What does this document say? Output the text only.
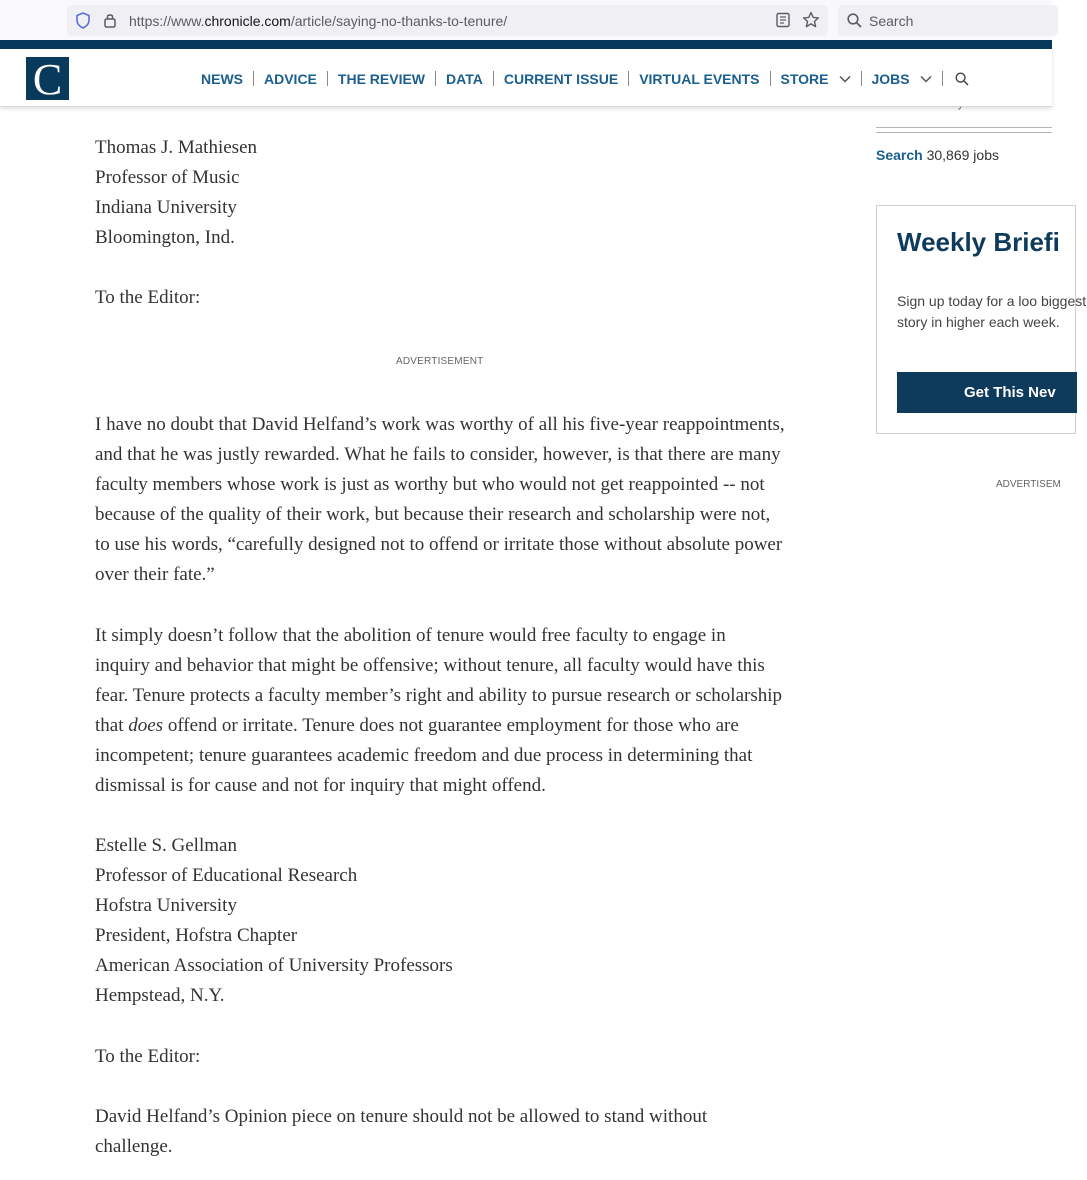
https://www.chronicle.com/article/saying-no-thanks-to-tenure/	Search
C	NEWS ADVICE THE REVIEW DATA CURRENT ISSUE VIRTUAL EVENTS STORE	JOBS
Thomas J. Mathiesen
Professor of Music
Indiana University
Bloomington, Ind.
To the Editor:
ADVERTISEMENT

I have no doubt that David Helfand’s work was worthy of all his five-year reappointments, and that he was justly rewarded. What he fails to consider, however, is that there are many faculty members whose work is just as worthy but who would not get reappointed -- not because of the quality of their work, but because their research and scholarship were not, to use his words, “carefully designed not to offend or irritate those without absolute power over their fate.”

It simply doesn’t follow that the abolition of tenure would free faculty to engage in inquiry and behavior that might be offensive; without tenure, all faculty would have this fear. Tenure protects a faculty member’s right and ability to pursue research or scholarship that does offend or irritate. Tenure does not guarantee employment for those who are incompetent; tenure guarantees academic freedom and due process in determining that dismissal is for cause and not for inquiry that might offend.

Estelle S. Gellman
Professor of Educational Research
Hofstra University
President, Hofstra Chapter
American Association of University Professors
Hempstead, N.Y.
To the Editor:

David Helfand’s Opinion piece on tenure should not be allowed to stand without challenge.

Search 30,869 jobs
Weekly Briefi
Sign up today for a loo biggest story in higher each week.
Get This Nev
ADVERTISEM
